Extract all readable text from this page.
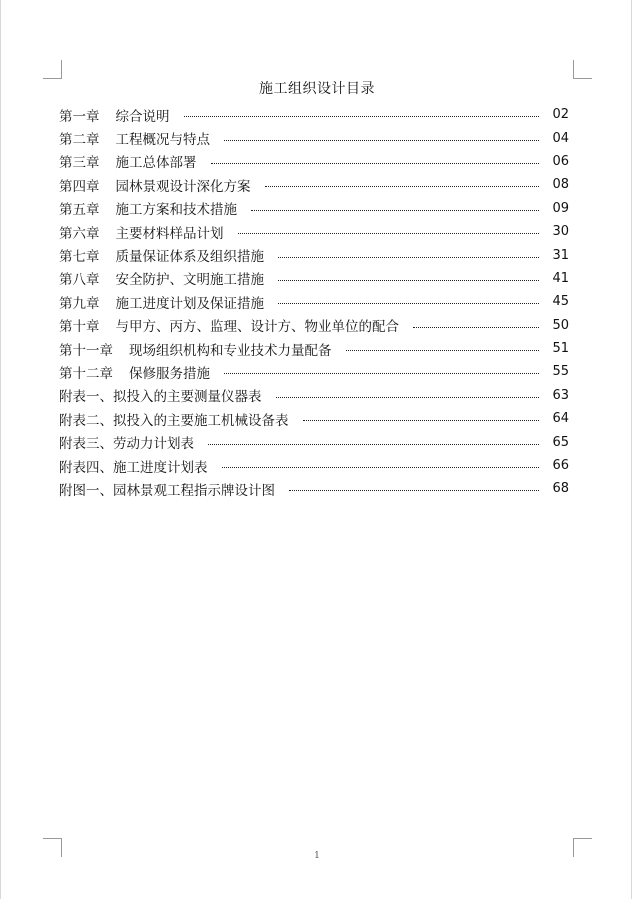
施工组织设计目录
第一章 综合说明	02
第二章 工程概况与特点	04
第三章 施工总体部署	06
第四章 园林景观设计深化方案	08
第五章 施工方案和技术措施	09
第六章 主要材料样品计划	30
第七章 质量保证体系及组织措施	31
第八章 安全防护、文明施工措施	41
第九章 施工进度计划及保证措施	45
第十章 与甲方、丙方、监理、设计方、物业单位的配合	50
第十一章 现场组织机构和专业技术力量配备	51
第十二章 保修服务措施	55
附表一、 拟投入的主要测量仪器表	63
附表二、 拟投入的主要施工机械设备表	64
附表三、 劳动力计划表	65
附表四、 施工进度计划表	66
附图一、 园林景观工程指示牌设计图	68
1
